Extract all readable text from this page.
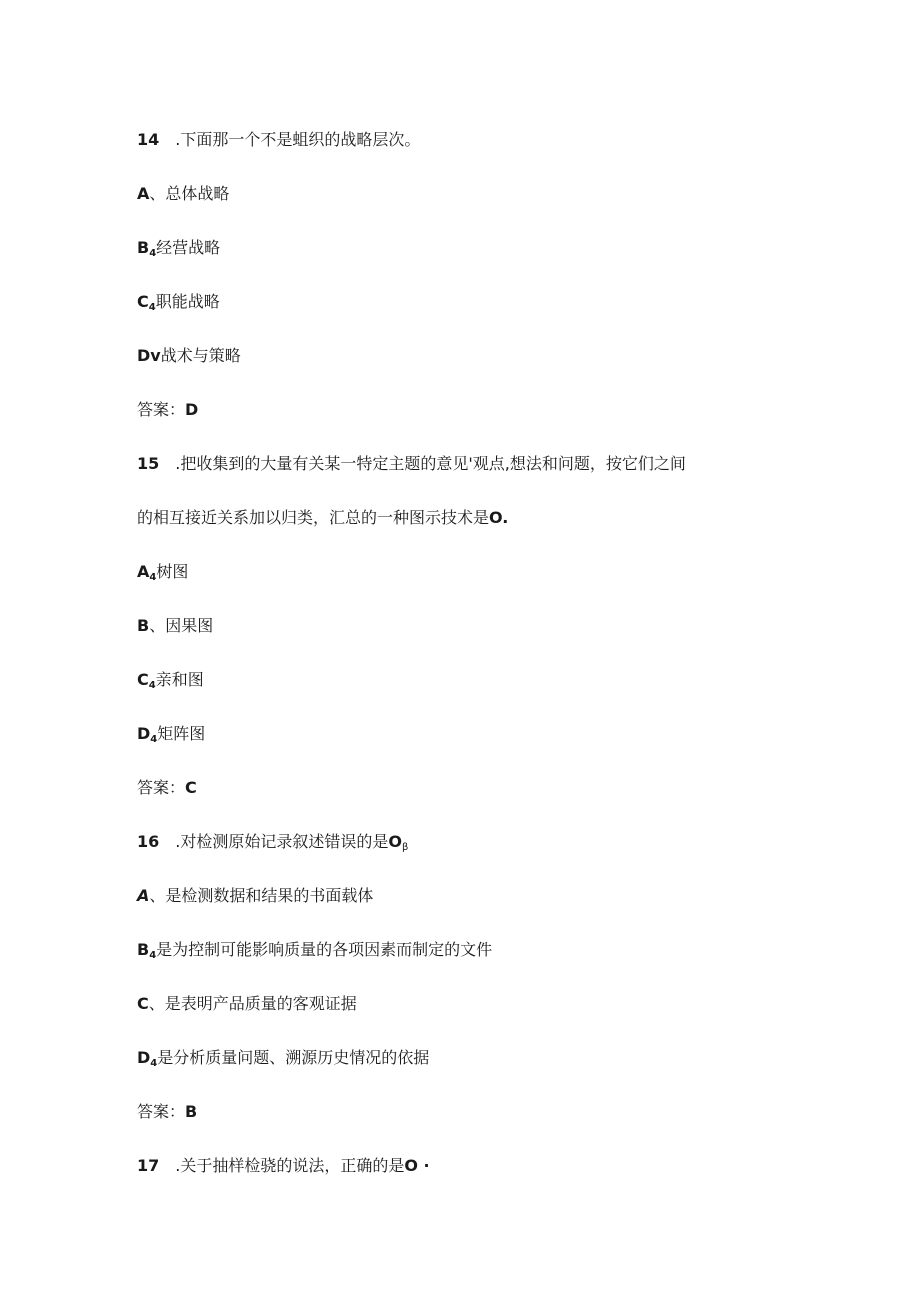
14 .下面那一个不是蛆织的战略层次。
A、总体战略
$B_4$经营战略
$C_4$职能战略
Dv战术与策略
答案：D
15 .把收集到的大量有关某一特定主题的意见'观点,想法和问题，按它们之间
的相互接近关系加以归类，汇总的一种图示技术是O.
$A_4$树图
B、因果图
$C_4$亲和图
$D_4$矩阵图
答案：C
16 .对检测原始记录叙述错误的是Oβ
A、是检测数据和结果的书面载体
$B_4$是为控制可能影响质量的各项因素而制定的文件
C、是表明产品质量的客观证据
$D_4$是分析质量问题、溯源历史情况的依据
答案：B
17 .关于抽样检骁的说法，正确的是O ·
